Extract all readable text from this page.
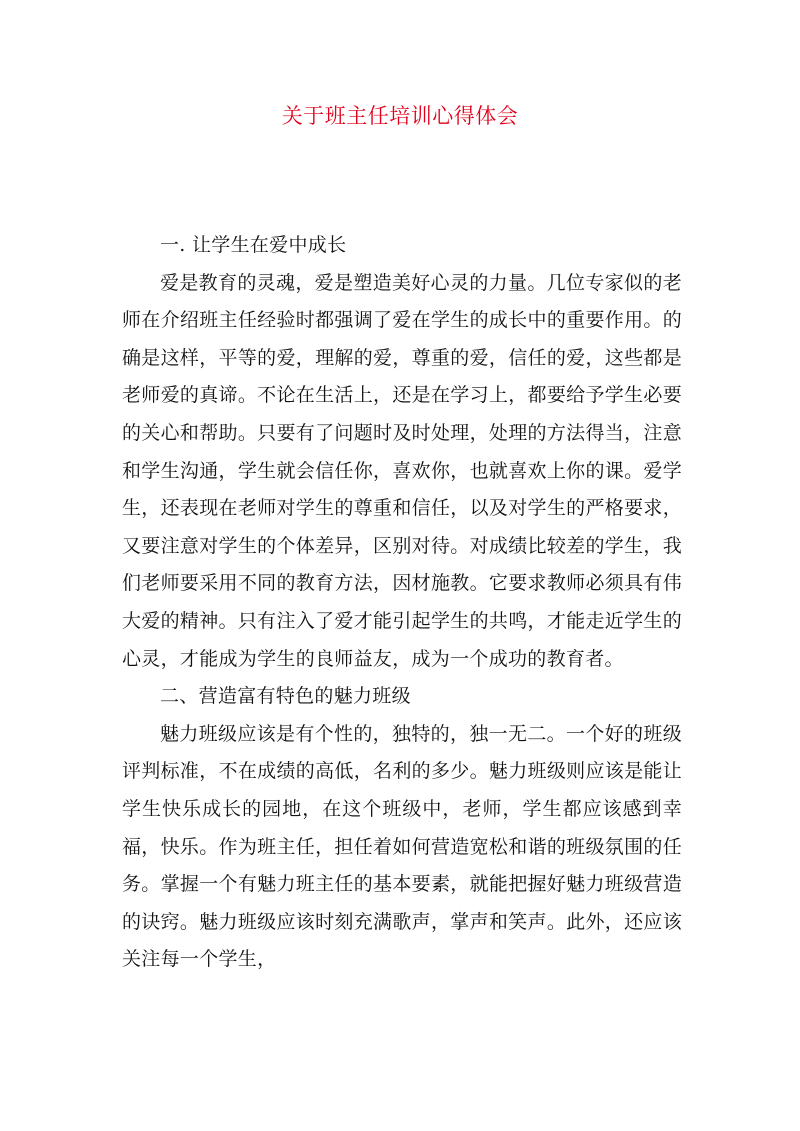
关于班主任培训心得体会

一. 让学生在爱中成长

爱是教育的灵魂，爱是塑造美好心灵的力量。几位专家似的老师在介绍班主任经验时都强调了爱在学生的成长中的重要作用。的确是这样，平等的爱，理解的爱，尊重的爱，信任的爱，这些都是老师爱的真谛。不论在生活上，还是在学习上，都要给予学生必要的关心和帮助。只要有了问题时及时处理，处理的方法得当，注意和学生沟通，学生就会信任你，喜欢你，也就喜欢上你的课。爱学生，还表现在老师对学生的尊重和信任，以及对学生的严格要求，又要注意对学生的个体差异，区别对待。对成绩比较差的学生，我们老师要采用不同的教育方法，因材施教。它要求教师必须具有伟大爱的精神。只有注入了爱才能引起学生的共鸣，才能走近学生的心灵，才能成为学生的良师益友，成为一个成功的教育者。

二、营造富有特色的魅力班级

魅力班级应该是有个性的，独特的，独一无二。一个好的班级评判标准，不在成绩的高低，名利的多少。魅力班级则应该是能让学生快乐成长的园地，在这个班级中，老师，学生都应该感到幸福，快乐。作为班主任，担任着如何营造宽松和谐的班级氛围的任务。掌握一个有魅力班主任的基本要素，就能把握好魅力班级营造的诀窍。魅力班级应该时刻充满歌声，掌声和笑声。此外，还应该关注每一个学生，
